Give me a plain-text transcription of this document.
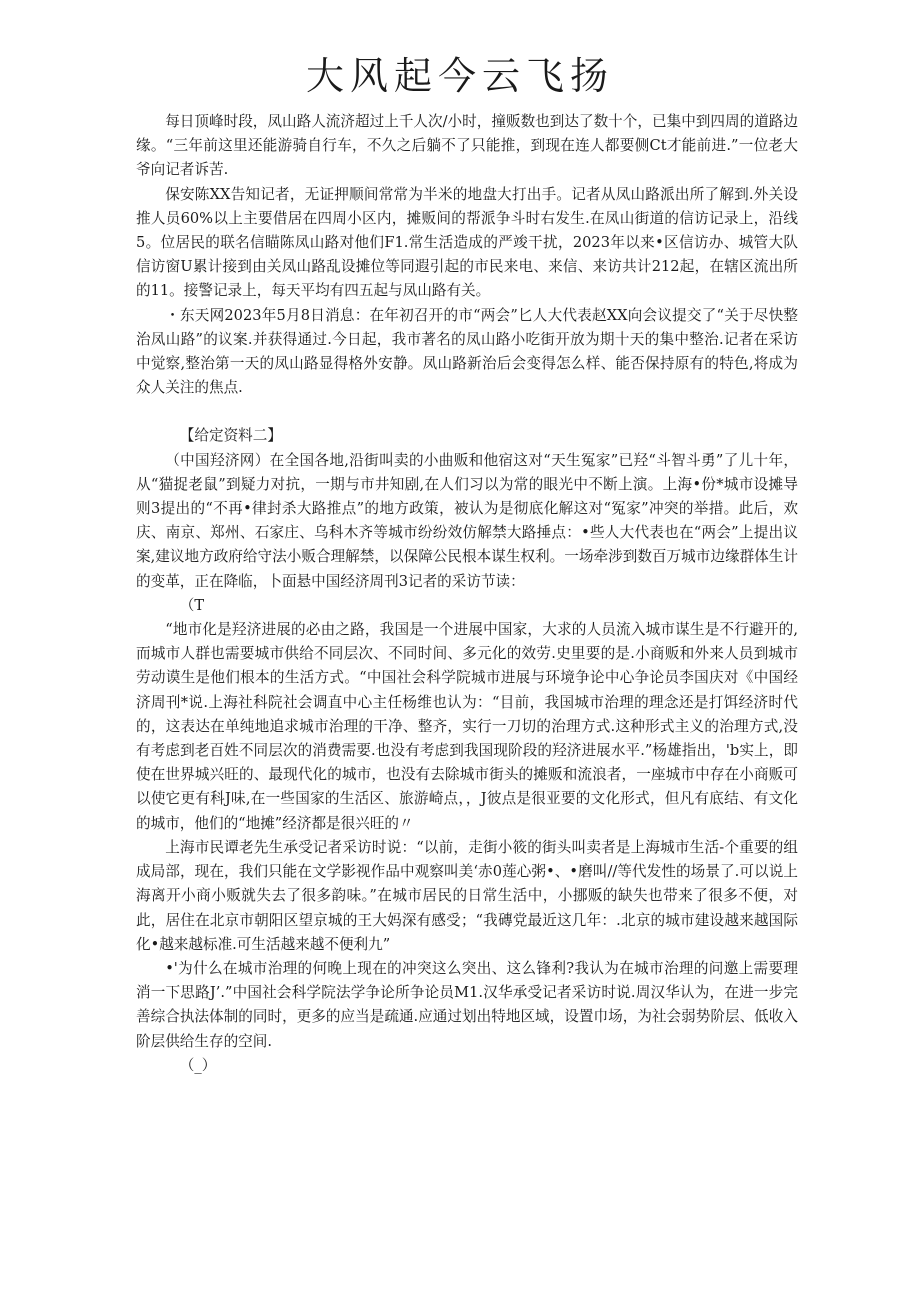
大风起今云飞扬

每日顶峰时段，凤山路人流济超过上千人次/小时，撞贩数也到达了数十个，已集中到四周的道路边缘。“三年前这里还能游骑自行车，不久之后躺不了只能推，到现在连人都要侧Ct才能前进.”一位老大爷向记者诉苦.

保安陈XX告知记者，无证押顺间常常为半米的地盘大打出手。记者从凤山路派出所了解到.外关设推人员60%以上主要借居在四周小区内，摊贩间的帮派争斗时右发生.在凤山街道的信访记录上，沿线5。位居民的联名信瞄陈凤山路对他们F1.常生活造成的严竣干扰，2023年以来•区信访办、城管大队信访窗U累计接到由关凤山路乱设摊位等同遐引起的市民来电、来信、来访共计212起，在辖区流出所的11。接警记录上，每天平均有四五起与凤山路有关。

・东天网2023年5月8日消息：在年初召开的市“两会”匕人大代表赵XX向会议提交了“关于尽快整治凤山路”的议案.并获得通过.今日起，我市著名的凤山路小吃街开放为期十天的集中整治.记者在采访中觉察,整治第一天的凤山路显得格外安静。凤山路新治后会变得怎么样、能否保持原有的特色,将成为众人关注的焦点.

【给定资料二】

（中国羟济网）在全国各地,沿街叫卖的小曲贩和他宿这对“天生冤家”已羟“斗智斗勇”了儿十年，从“猫捉老鼠”到疑力对抗，一期与市井知剧,在人们习以为常的眼光中不断上演。上海•份*城市设摊导则3提出的“不再•律封杀大路推点”的地方政策，被认为是彻底化解这对“冤家”冲突的举措。此后，欢庆、南京、郑州、石家庄、乌科木齐等城市纷纷效仿解禁大路捶点：•些人大代表也在“两会”上提出议案,建议地方政府给守法小贩合理解禁，以保障公民根本谋生权利。一场牵涉到数百万城市边缘群体生计的变革，正在降临，卜面悬中国经济周刊3记者的采访节读：

（T

“地市化是羟济进展的必由之路，我国是一个进展中国家，大求的人员流入城市谋生是不行避开的,而城市人群也需要城市供给不同层次、不同时间、多元化的效劳.史里要的是.小商贩和外来人员到城市劳动谟生是他们根本的生活方式。“中国社会科学院城市进展与环境争论中心争论员李国庆对《中国经济周刊*说.上海社科院社会调直中心主任杨维也认为：“目前，我国城市治理的理念还是打饵经济时代的，这表达在单纯地追求城市治理的干净、整齐，实行一刀切的治理方式.这种形式主义的治理方式,没有考虑到老百姓不同层次的消费需要.也没有考虑到我国现阶段的羟济进展水平.”杨雄指出，'b实上，即使在世界城兴旺的、最现代化的城市，也没有去除城市街头的摊贩和流浪者，一座城市中存在小商贩可以使它更有科J味,在一些国家的生活区、旅游崎点，，J彼点是很亚要的文化形式，但凡有底结、有文化的城市，他们的“地摊”经济都是很兴旺的〃

上海市民谭老先生承受记者采访时说：“以前，走街小筱的街头叫卖者是上海城市生活-个重要的组成局部，现在，我们只能在文学影视作品中观察叫美‘赤0莲心粥•、•磨叫//等代发性的场景了.可以说上海离开小商小贩就失去了很多韵味。”在城市居民的日常生活中，小挪贩的缺失也带来了很多不便，对此，居住在北京市朝阳区望京城的王大妈深有感受；“我磚党最近这几年：.北京的城市建设越来越国际化•越来越标准.可生活越来越不便利九”

•'为什么在城市治理的何晚上现在的冲突这么突出、这么锋利?我认为在城市治理的问邀上需要理消一下思路J’.”中国社会科学院法学争论所争论员M1.汉华承受记者采访时说.周汉华认为，在进一步完善综合执法体制的同时，更多的应当是疏通.应通过划出特地区域，设置巾场，为社会弱势阶层、低收入阶层供给生存的空间.

（_）
